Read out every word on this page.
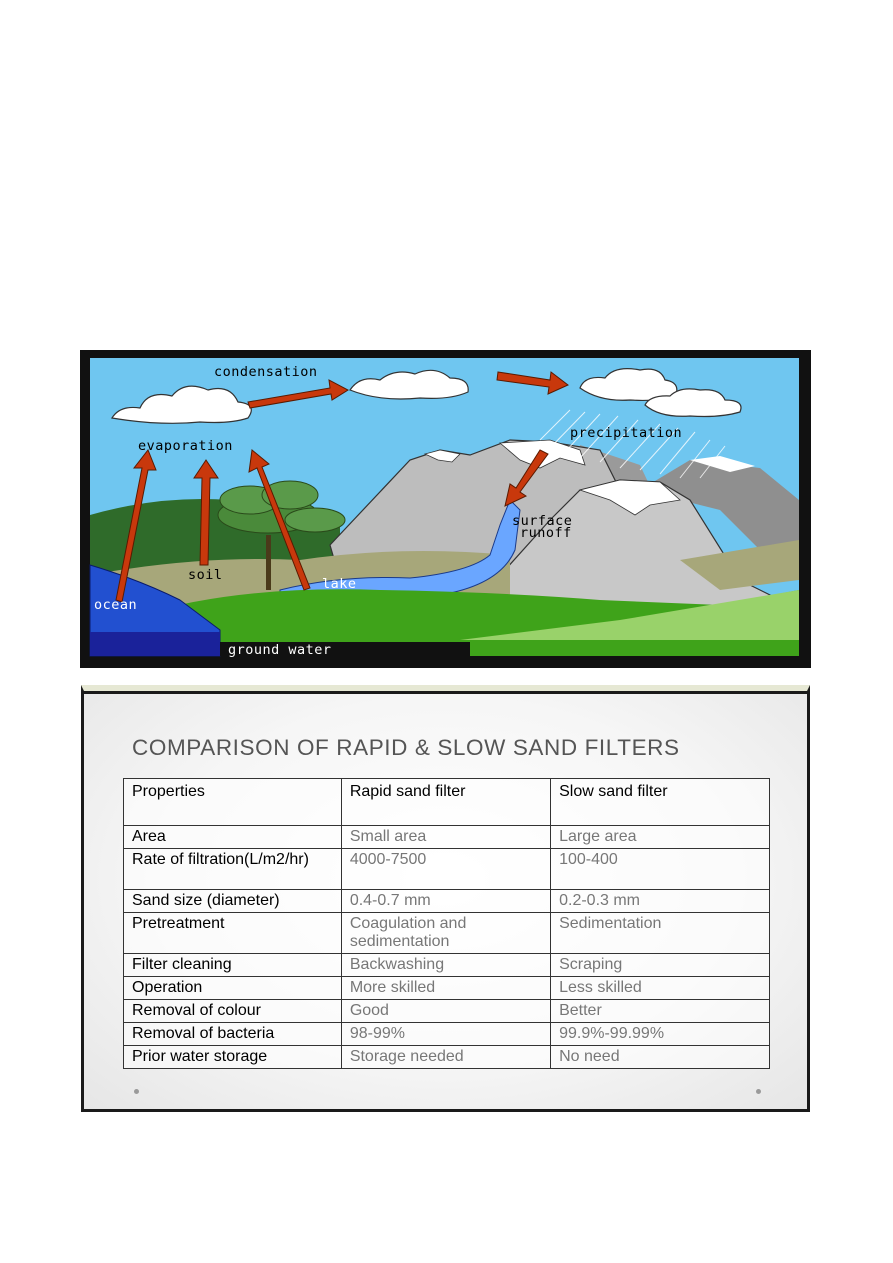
condensation
evaporation
precipitation
surface
runoff
soil
lake
ocean
ground water
COMPARISON OF RAPID & SLOW SAND FILTERS
Properties	Rapid sand filter	Slow sand filter
Area	Small area	Large area
Rate of filtration(L/m2/hr)	4000-7500	100-400
Sand size (diameter)	0.4-0.7 mm	0.2-0.3 mm
Pretreatment	Coagulation and sedimentation	Sedimentation
Filter cleaning	Backwashing	Scraping
Operation	More skilled	Less skilled
Removal of colour	Good	Better
Removal of bacteria	98-99%	99.9%-99.99%
Prior water storage	Storage needed	No need
